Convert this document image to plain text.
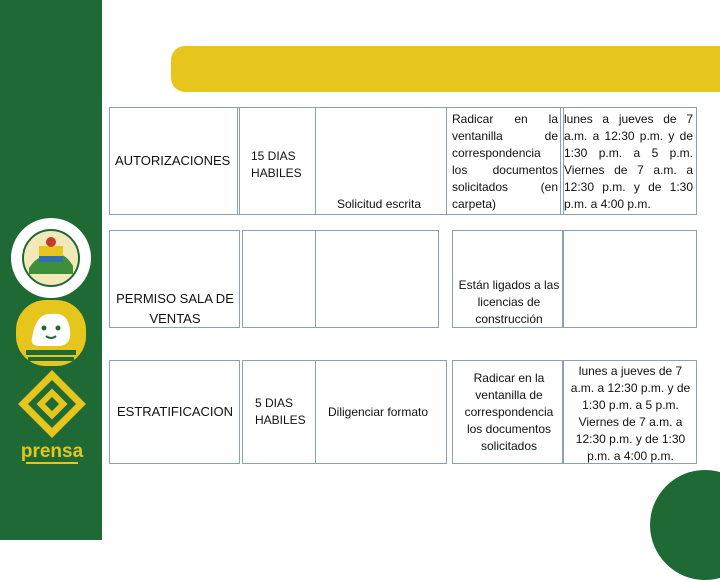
prensa
AUTORIZACIONES 15 DIAS HABILES
Solicitud escrita
Radicar en la ventanilla de correspondencia los documentos solicitados (en carpeta)
lunes a jueves de 7 a.m. a 12:30 p.m. y de 1:30 p.m. a 5 p.m. Viernes de 7 a.m. a 12:30 p.m. y de 1:30 p.m. a 4:00 p.m.
PERMISO SALA DE VENTAS
Están ligados a las licencias de construcción
ESTRATIFICACION
5 DIAS HABILES
Diligenciar formato
Radicar en la ventanilla de correspondencia los documentos solicitados
lunes a jueves de 7 a.m. a 12:30 p.m. y de 1:30 p.m. a 5 p.m. Viernes de 7 a.m. a 12:30 p.m. y de 1:30 p.m. a 4:00 p.m.
